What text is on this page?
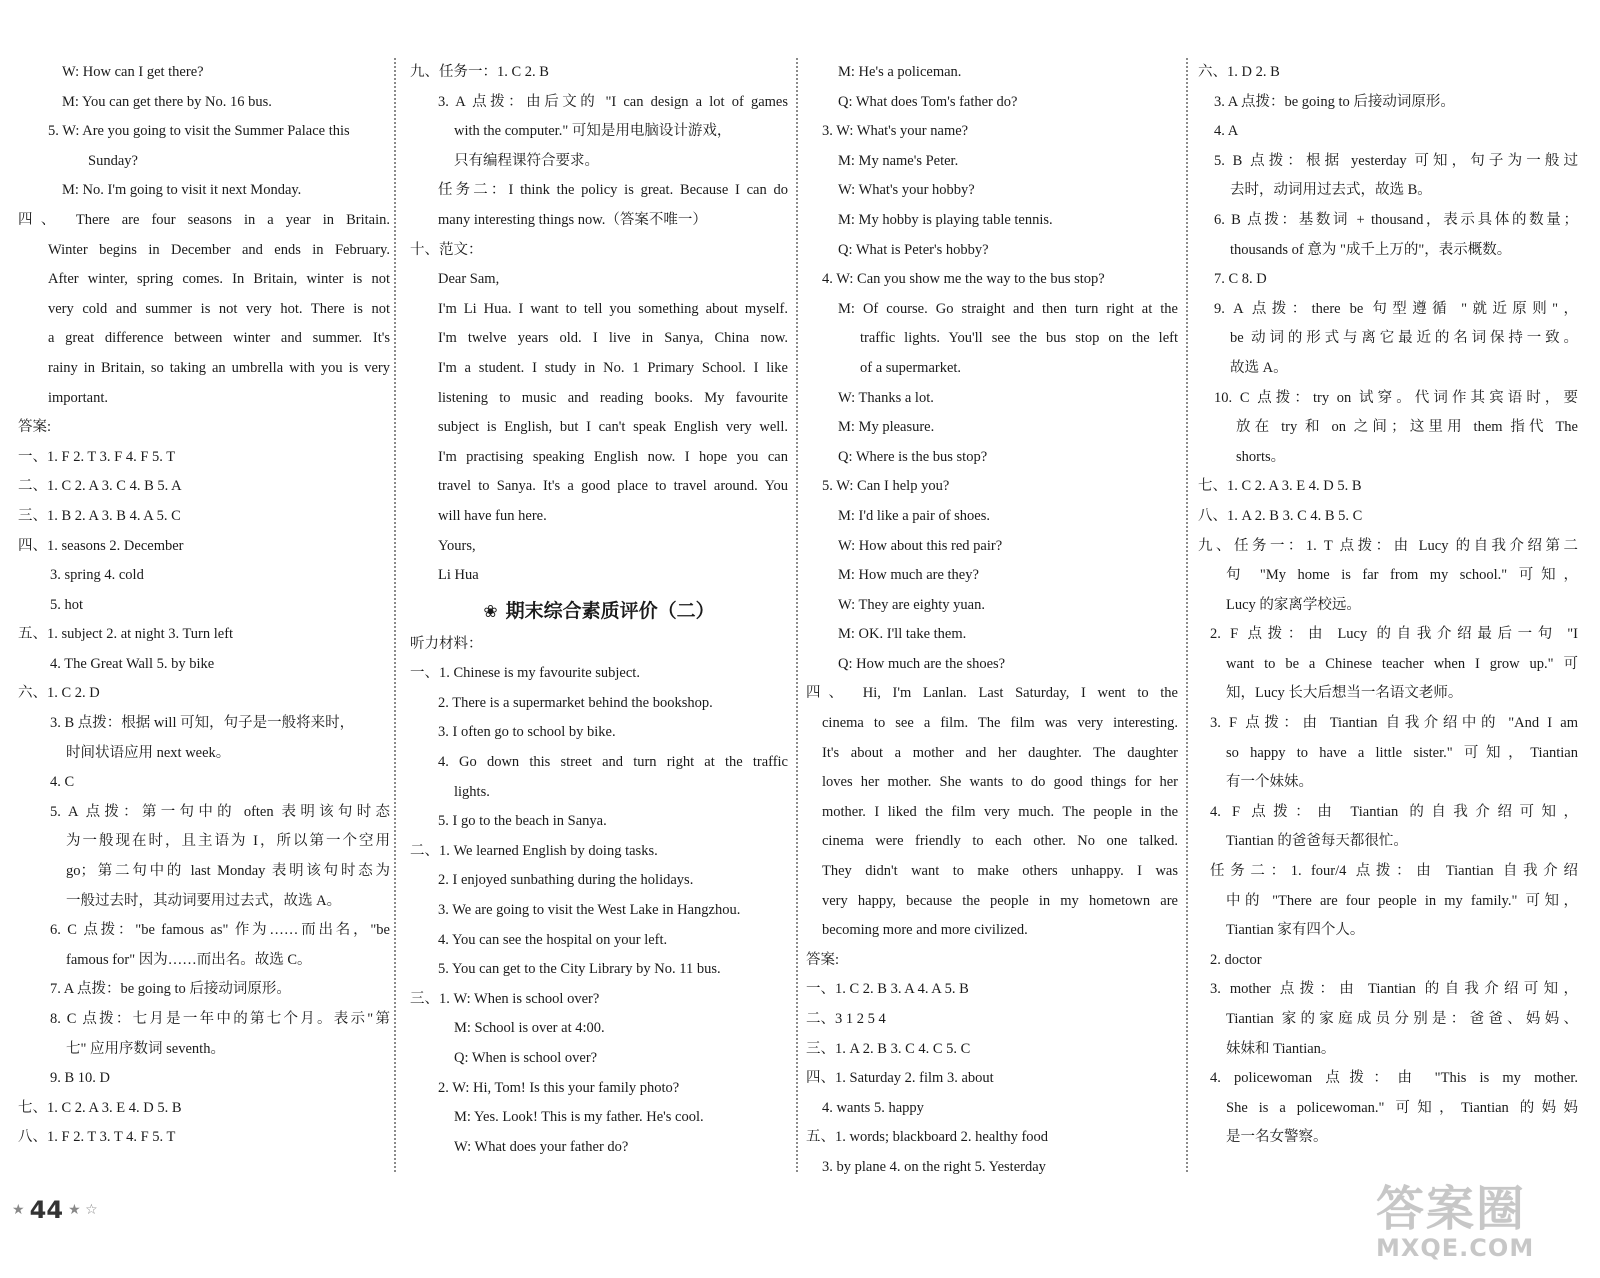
W: How can I get there?
M: You can get there by No. 16 bus.
5. W: Are you going to visit the Summer Palace this
Sunday?
M: No. I'm going to visit it next Monday.
四、 There are four seasons in a year in Britain.
Winter begins in December and ends in February.
After winter, spring comes. In Britain, winter is not
very cold and summer is not very hot. There is not
a great difference between winter and summer. It's
rainy in Britain, so taking an umbrella with you is very
important.
答案:
一、1. F 2. T 3. F 4. F 5. T
二、1. C 2. A 3. C 4. B 5. A
三、1. B 2. A 3. B 4. A 5. C
四、1. seasons 2. December
3. spring 4. cold
5. hot
五、1. subject 2. at night 3. Turn left
4. The Great Wall 5. by bike
六、1. C 2. D
3. B 点拨：根据 will 可知，句子是一般将来时，
时间状语应用 next week。
4. C
5. A 点拨：第一句中的 often 表明该句时态
为一般现在时，且主语为 I，所以第一个空用
go；第二句中的 last Monday 表明该句时态为
一般过去时，其动词要用过去式，故选 A。
6. C 点拨："be famous as" 作为……而出名，"be
famous for" 因为……而出名。故选 C。
7. A 点拨：be going to 后接动词原形。
8. C 点拨：七月是一年中的第七个月。表示"第
七" 应用序数词 seventh。
9. B 10. D
七、1. C 2. A 3. E 4. D 5. B
八、1. F 2. T 3. T 4. F 5. T
九、任务一：1. C 2. B
3. A 点拨：由后文的 "I can design a lot of games
with the computer." 可知是用电脑设计游戏，
只有编程课符合要求。
任务二：I think the policy is great. Because I can do
many interesting things now.（答案不唯一）
十、范文：
Dear Sam,
I'm Li Hua. I want to tell you something about myself.
I'm twelve years old. I live in Sanya, China now.
I'm a student. I study in No. 1 Primary School. I like
listening to music and reading books. My favourite
subject is English, but I can't speak English very well.
I'm practising speaking English now. I hope you can
travel to Sanya. It's a good place to travel around. You
will have fun here.
Yours,
Li Hua
❀ 期末综合素质评价（二）
听力材料：
一、1. Chinese is my favourite subject.
2. There is a supermarket behind the bookshop.
3. I often go to school by bike.
4. Go down this street and turn right at the traffic
lights.
5. I go to the beach in Sanya.
二、1. We learned English by doing tasks.
2. I enjoyed sunbathing during the holidays.
3. We are going to visit the West Lake in Hangzhou.
4. You can see the hospital on your left.
5. You can get to the City Library by No. 11 bus.
三、1. W: When is school over?
M: School is over at 4:00.
Q: When is school over?
2. W: Hi, Tom! Is this your family photo?
M: Yes. Look! This is my father. He's cool.
W: What does your father do?
M: He's a policeman.
Q: What does Tom's father do?
3. W: What's your name?
M: My name's Peter.
W: What's your hobby?
M: My hobby is playing table tennis.
Q: What is Peter's hobby?
4. W: Can you show me the way to the bus stop?
M: Of course. Go straight and then turn right at the
traffic lights. You'll see the bus stop on the left
of a supermarket.
W: Thanks a lot.
M: My pleasure.
Q: Where is the bus stop?
5. W: Can I help you?
M: I'd like a pair of shoes.
W: How about this red pair?
M: How much are they?
W: They are eighty yuan.
M: OK. I'll take them.
Q: How much are the shoes?
四、 Hi, I'm Lanlan. Last Saturday, I went to the
cinema to see a film. The film was very interesting.
It's about a mother and her daughter. The daughter
loves her mother. She wants to do good things for her
mother. I liked the film very much. The people in the
cinema were friendly to each other. No one talked.
They didn't want to make others unhappy. I was
very happy, because the people in my hometown are
becoming more and more civilized.
答案:
一、1. C 2. B 3. A 4. A 5. B
二、3 1 2 5 4
三、1. A 2. B 3. C 4. C 5. C
四、1. Saturday 2. film 3. about
4. wants 5. happy
五、1. words; blackboard 2. healthy food
3. by plane 4. on the right 5. Yesterday
六、1. D 2. B
3. A 点拨：be going to 后接动词原形。
4. A
5. B 点拨：根据 yesterday 可知，句子为一般过
去时，动词用过去式，故选 B。
6. B 点拨：基数词 + thousand，表示具体的数量；
thousands of 意为 "成千上万的"，表示概数。
7. C 8. D
9. A 点拨：there be 句型遵循 "就近原则"，
be 动词的形式与离它最近的名词保持一致。
故选 A。
10. C 点拨：try on 试穿。代词作其宾语时，要
放在 try 和 on 之间；这里用 them 指代 The
shorts。
七、1. C 2. A 3. E 4. D 5. B
八、1. A 2. B 3. C 4. B 5. C
九、任务一：1. T 点拨：由 Lucy 的自我介绍第二
句 "My home is far from my school." 可知，
Lucy 的家离学校远。
2. F 点拨：由 Lucy 的自我介绍最后一句 "I
want to be a Chinese teacher when I grow up." 可
知，Lucy 长大后想当一名语文老师。
3. F 点拨：由 Tiantian 自我介绍中的 "And I am
so happy to have a little sister." 可知，Tiantian
有一个妹妹。
4. F 点拨：由 Tiantian 的自我介绍可知，
Tiantian 的爸爸每天都很忙。
任务二：1. four/4 点拨：由 Tiantian 自我介绍
中的 "There are four people in my family." 可知，
Tiantian 家有四个人。
2. doctor
3. mother 点拨：由 Tiantian 的自我介绍可知，
Tiantian 家的家庭成员分别是：爸爸、妈妈、
妹妹和 Tiantian。
4. policewoman 点拨：由 "This is my mother.
She is a policewoman." 可知，Tiantian 的妈妈
是一名女警察。
★ 44 ★ ☆	答案圈
MXQE.COM
